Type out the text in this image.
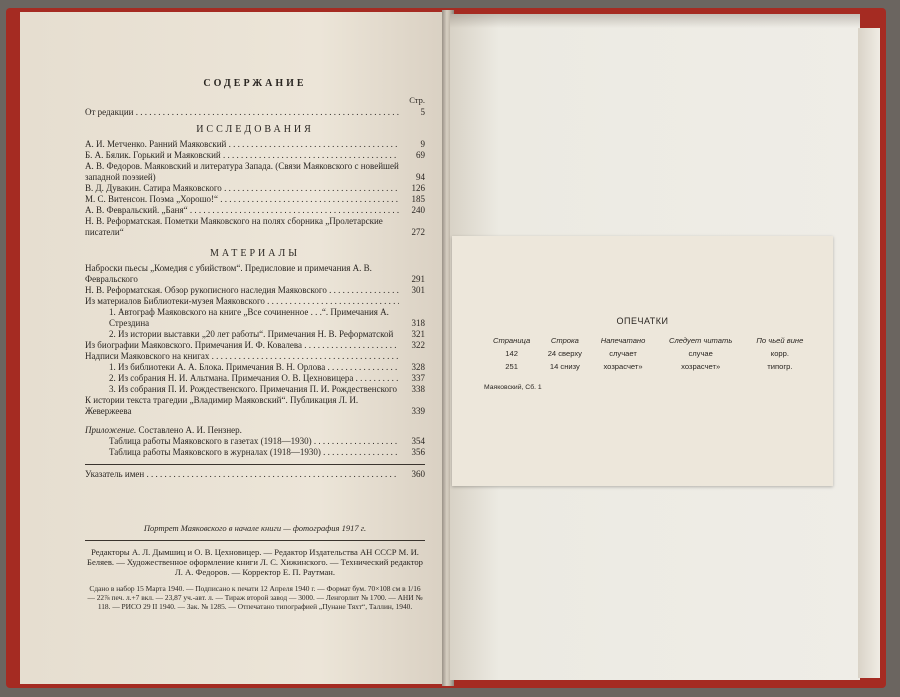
СОДЕРЖАНИЕ
Стр.
От редакции . . .	5
ИССЛЕДОВАНИЯ
А. И. Метченко. Ранний Маяковский . . .	9
Б. А. Бялик. Горький и Маяковский . . .	69
А. В. Федоров. Маяковский и литература Запада. (Связи Маяковского с новейшей западной поэзией)	94
В. Д. Дувакин. Сатира Маяковского . . .	126
М. С. Витенсон. Поэма „Хорошо!“ . . .	185
А. В. Февральский. „Баня“ . . .	240
Н. В. Реформатская. Пометки Маяковского на полях сборника „Пролетарские писатели“	272
МАТЕРИАЛЫ
Наброски пьесы „Комедия с убийством“. Предисловие и примечания А. В. Февральского	291
Н. В. Реформатская. Обзор рукописного наследия Маяковского . . .	301
Из материалов Библиотеки-музея Маяковского . . .
1. Автограф Маяковского на книге „Все сочиненное . . .“. Примечания А. Стрездина	318
2. Из истории выставки „20 лет работы“. Примечания Н. В. Реформатской	321
Из биографии Маяковского. Примечания И. Ф. Ковалева . . .	322
Надписи Маяковского на книгах . . .
1. Из библиотеки А. А. Блока. Примечания В. Н. Орлова . . .	328
2. Из собрания Н. И. Альтмана. Примечания О. В. Цехновицера . . .	337
3. Из собрания П. И. Рождественского. Примечания П. И. Рождественского	338
К истории текста трагедии „Владимир Маяковский“. Публикация Л. И. Жевержеева	339
Приложение. Составлено А. И. Пензнер.
Таблица работы Маяковского в газетах (1918—1930) . . .	354
Таблица работы Маяковского в журналах (1918—1930) . . .	356
Указатель имен . . .	360
Портрет Маяковского в начале книги — фотография 1917 г.
Редакторы А. Л. Дымшиц и О. В. Цехновицер. — Редактор Издательства АН СССР М. И. Беляев. — Художественное оформление книги Л. С. Хижинского. — Технический редактор Л. А. Федоров. — Корректор Е. П. Раутман.
Сдано в набор 15 Марта 1940. — Подписано к печати 12 Апреля 1940 г. — Формат бум. 70×108 см в 1/16 — 22⅞ печ. л.+7 вкл. — 23,87 уч.-авт. л. — Тираж второй завод — 3000. — Ленгорлит № 1700. — АНИ № 118. — РИСО 29 II 1940. — Зак. № 1285. — Отпечатано типографией „Пунане Тяхт“, Таллин, 1940.
ОПЕЧАТКИ
Страница	Строка	Напечатано	Следует читать	По чьей вине
142	24 сверху	случает	случае	корр.
251	14 снизу	хозрасчет»	хозрасчет»	типогр.
Маяковский, Сб. 1
